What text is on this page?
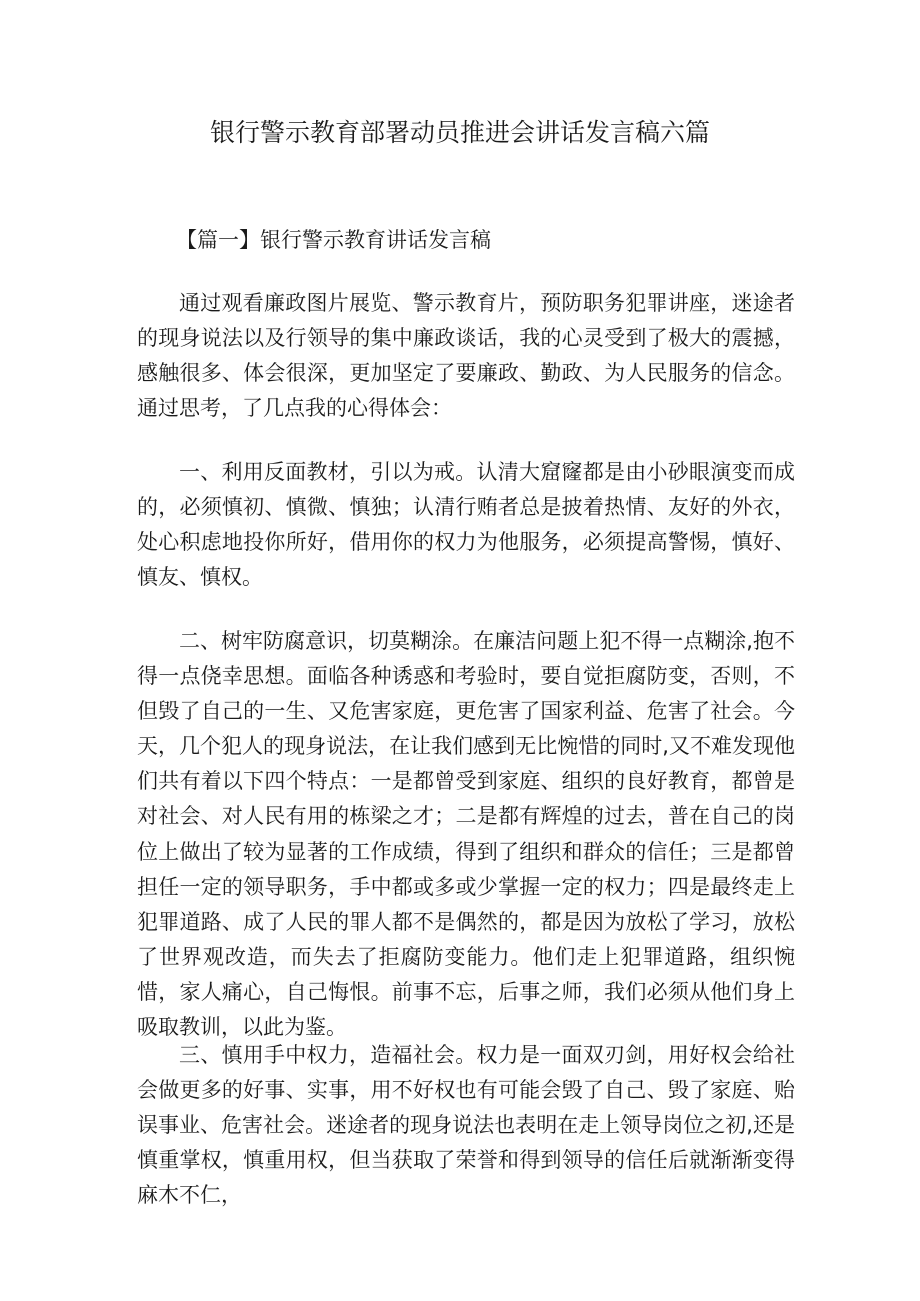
银行警示教育部署动员推进会讲话发言稿六篇
【篇一】银行警示教育讲话发言稿

通过观看廉政图片展览、警示教育片，预防职务犯罪讲座，迷途者的现身说法以及行领导的集中廉政谈话，我的心灵受到了极大的震撼，感触很多、体会很深，更加坚定了要廉政、勤政、为人民服务的信念。通过思考，了几点我的心得体会：

一、利用反面教材，引以为戒。认清大窟窿都是由小砂眼演变而成的，必须慎初、慎微、慎独；认清行贿者总是披着热情、友好的外衣，处心积虑地投你所好，借用你的权力为他服务，必须提高警惕，慎好、慎友、慎权。

二、树牢防腐意识，切莫糊涂。在廉洁问题上犯不得一点糊涂,抱不得一点侥幸思想。面临各种诱惑和考验时，要自觉拒腐防变，否则，不但毁了自己的一生、又危害家庭，更危害了国家利益、危害了社会。今天，几个犯人的现身说法，在让我们感到无比惋惜的同时,又不难发现他们共有着以下四个特点：一是都曾受到家庭、组织的良好教育，都曾是对社会、对人民有用的栋梁之才；二是都有辉煌的过去，普在自己的岗位上做出了较为显著的工作成绩，得到了组织和群众的信任；三是都曾担任一定的领导职务，手中都或多或少掌握一定的权力；四是最终走上犯罪道路、成了人民的罪人都不是偶然的，都是因为放松了学习，放松了世界观改造，而失去了拒腐防变能力。他们走上犯罪道路，组织惋惜，家人痛心，自己悔恨。前事不忘，后事之师，我们必须从他们身上吸取教训，以此为鉴。

三、慎用手中权力，造福社会。权力是一面双刃剑，用好权会给社会做更多的好事、实事，用不好权也有可能会毁了自己、毁了家庭、贻误事业、危害社会。迷途者的现身说法也表明在走上领导岗位之初,还是慎重掌权，慎重用权，但当获取了荣誉和得到领导的信任后就渐渐变得麻木不仁，
